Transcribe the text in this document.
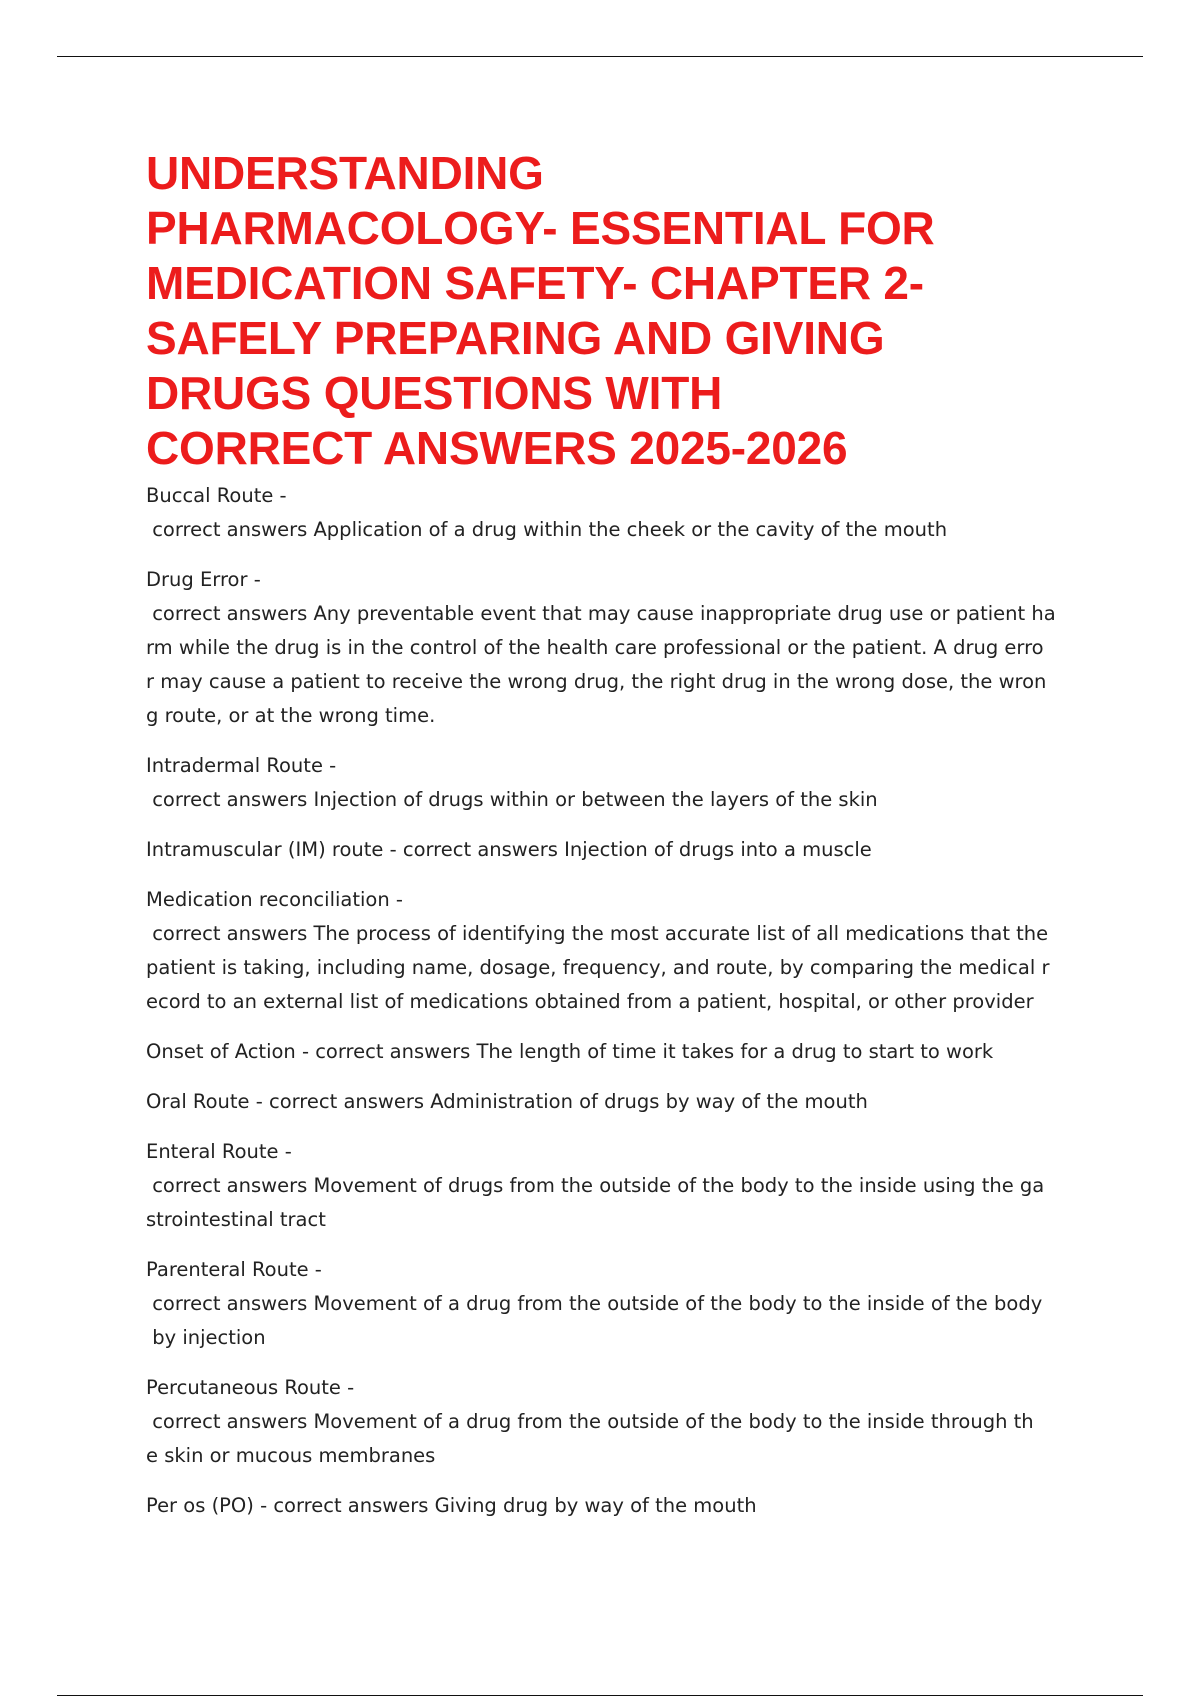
UNDERSTANDING
PHARMACOLOGY- ESSENTIAL FOR
MEDICATION SAFETY- CHAPTER 2-
SAFELY PREPARING AND GIVING
DRUGS QUESTIONS WITH
CORRECT ANSWERS 2025-2026
Buccal Route -
correct answers Application of a drug within the cheek or the cavity of the mouth
Drug Error -
correct answers Any preventable event that may cause inappropriate drug use or patient ha
rm while the drug is in the control of the health care professional or the patient. A drug erro
r may cause a patient to receive the wrong drug, the right drug in the wrong dose, the wron
g route, or at the wrong time.
Intradermal Route -
correct answers Injection of drugs within or between the layers of the skin
Intramuscular (IM) route - correct answers Injection of drugs into a muscle
Medication reconciliation -
correct answers The process of identifying the most accurate list of all medications that the
patient is taking, including name, dosage, frequency, and route, by comparing the medical r
ecord to an external list of medications obtained from a patient, hospital, or other provider
Onset of Action - correct answers The length of time it takes for a drug to start to work
Oral Route - correct answers Administration of drugs by way of the mouth
Enteral Route -
correct answers Movement of drugs from the outside of the body to the inside using the ga
strointestinal tract
Parenteral Route -
correct answers Movement of a drug from the outside of the body to the inside of the body
by injection
Percutaneous Route -
correct answers Movement of a drug from the outside of the body to the inside through th
e skin or mucous membranes
Per os (PO) - correct answers Giving drug by way of the mouth
